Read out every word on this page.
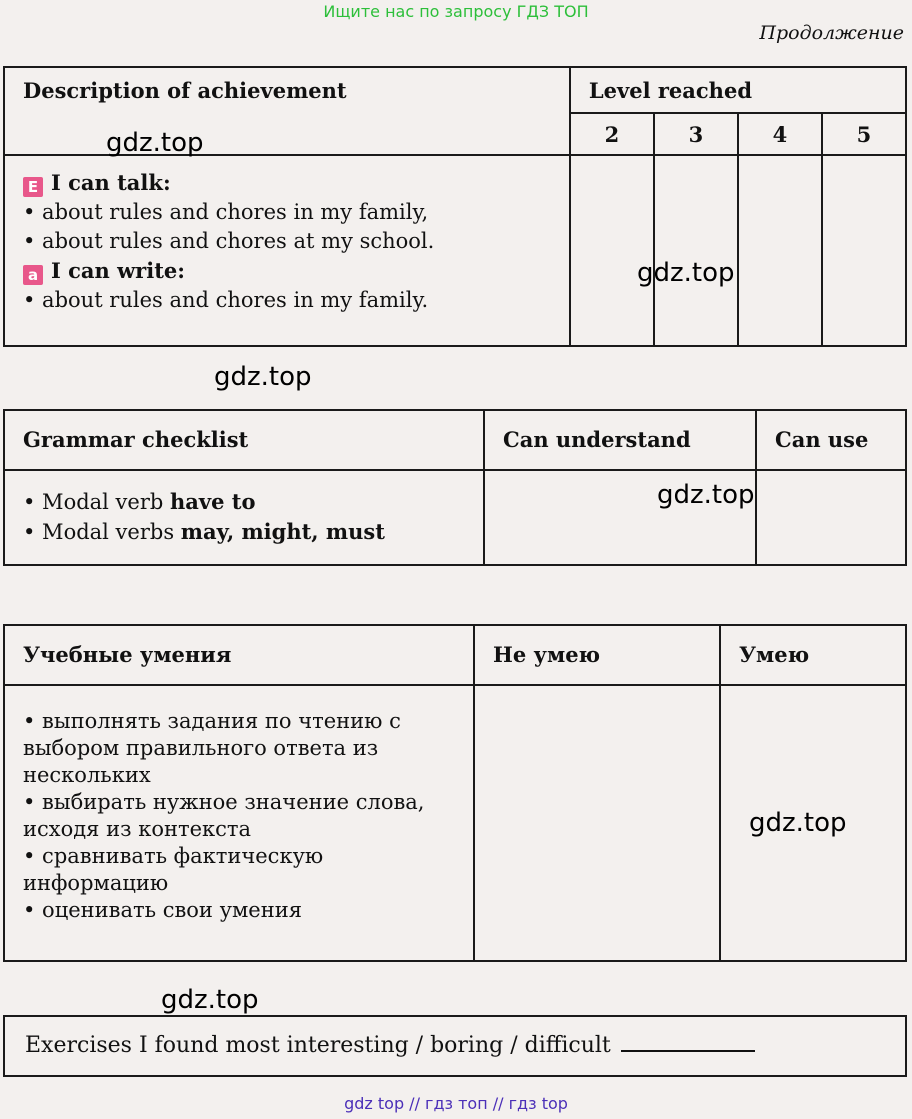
Ищите нас по запросу ГДЗ ТОП
Продолжение
Description of achievement	Level reached			
	2	3	4	5

E I can talk:
• about rules and chores in my family,
• about rules and chores at my school.
a I can write:
• about rules and chores in my family.				

Grammar checklist	Can understand	Can use

• Modal verb have to
• Modal verbs may, might, must		

Учебные умения	Не умею	Умею

• выполнять задания по чтению с выбором правильного ответа из нескольких
• выбирать нужное значение слова, исходя из контекста
• сравнивать фактическую информацию
• оценивать свои умения		

Exercises I found most interesting / boring / difficult
gdz.top
gdz.top
gdz.top
gdz.top
gdz.top
gdz.top
gdz top // гдз топ // гдз top
